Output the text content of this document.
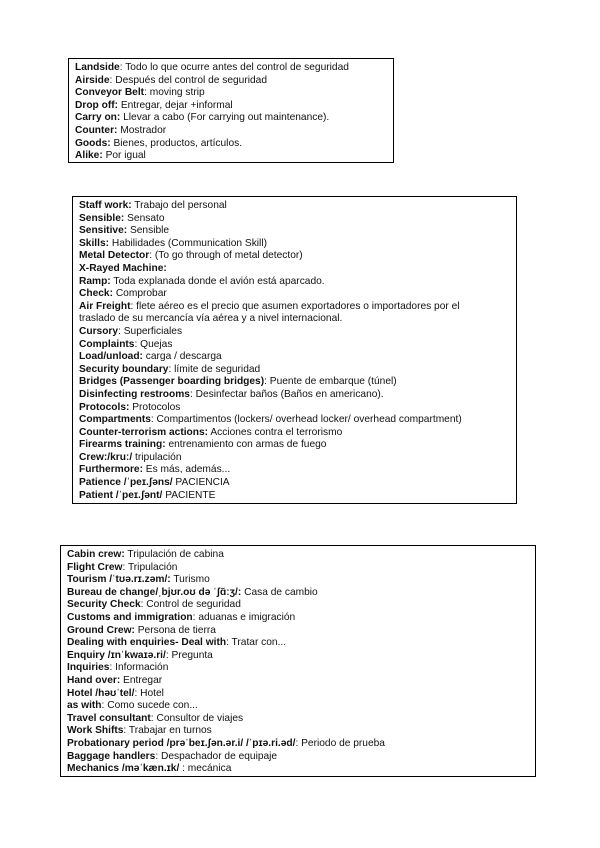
Landside: Todo lo que ocurre antes del control de seguridad
Airside: Después del control de seguridad
Conveyor Belt: moving strip
Drop off: Entregar, dejar +informal
Carry on: Llevar a cabo (For carrying out maintenance).
Counter: Mostrador
Goods: Bienes, productos, artículos.
Alike: Por igual
Staff work: Trabajo del personal
Sensible: Sensato
Sensitive: Sensible
Skills: Habilidades (Communication Skill)
Metal Detector: (To go through of metal detector)
X-Rayed Machine:
Ramp: Toda explanada donde el avión está aparcado.
Check: Comprobar
Air Freight: flete aéreo es el precio que asumen exportadores o importadores por el
traslado de su mercancía vía aérea y a nivel internacional.
Cursory: Superficiales
Complaints: Quejas
Load/unload: carga / descarga
Security boundary: límite de seguridad
Bridges (Passenger boarding bridges): Puente de embarque (túnel)
Disinfecting restrooms: Desinfectar baños (Baños en americano).
Protocols: Protocolos
Compartments: Compartimentos (lockers/ overhead locker/ overhead compartment)
Counter-terrorism actions: Acciones contra el terrorismo
Firearms training: entrenamiento con armas de fuego
Crew:/kruː/ tripulación
Furthermore: Es más, además...
Patience /ˈpeɪ.ʃəns/ PACIENCIA
Patient /ˈpeɪ.ʃənt/ PACIENTE
Cabin crew: Tripulación de cabina
Flight Crew: Tripulación
Tourism /ˈtʊə.rɪ.zəm/: Turismo
Bureau de change/ˌbjʊr.oʊ də ˈʃɑ̃ːʒ/: Casa de cambio
Security Check: Control de seguridad
Customs and immigration: aduanas e imigración
Ground Crew: Persona de tierra
Dealing with enquiries- Deal with: Tratar con...
Enquiry /ɪnˈkwaɪə.ri/: Pregunta
Inquiries: Información
Hand over: Entregar
Hotel /həʊˈtel/: Hotel
as with: Como sucede con...
Travel consultant: Consultor de viajes
Work Shifts: Trabajar en turnos
Probationary period /prəˈbeɪ.ʃən.ər.i/ /ˈpɪə.ri.əd/: Periodo de prueba
Baggage handlers: Despachador de equipaje
Mechanics /məˈkæn.ɪk/ : mecánica
